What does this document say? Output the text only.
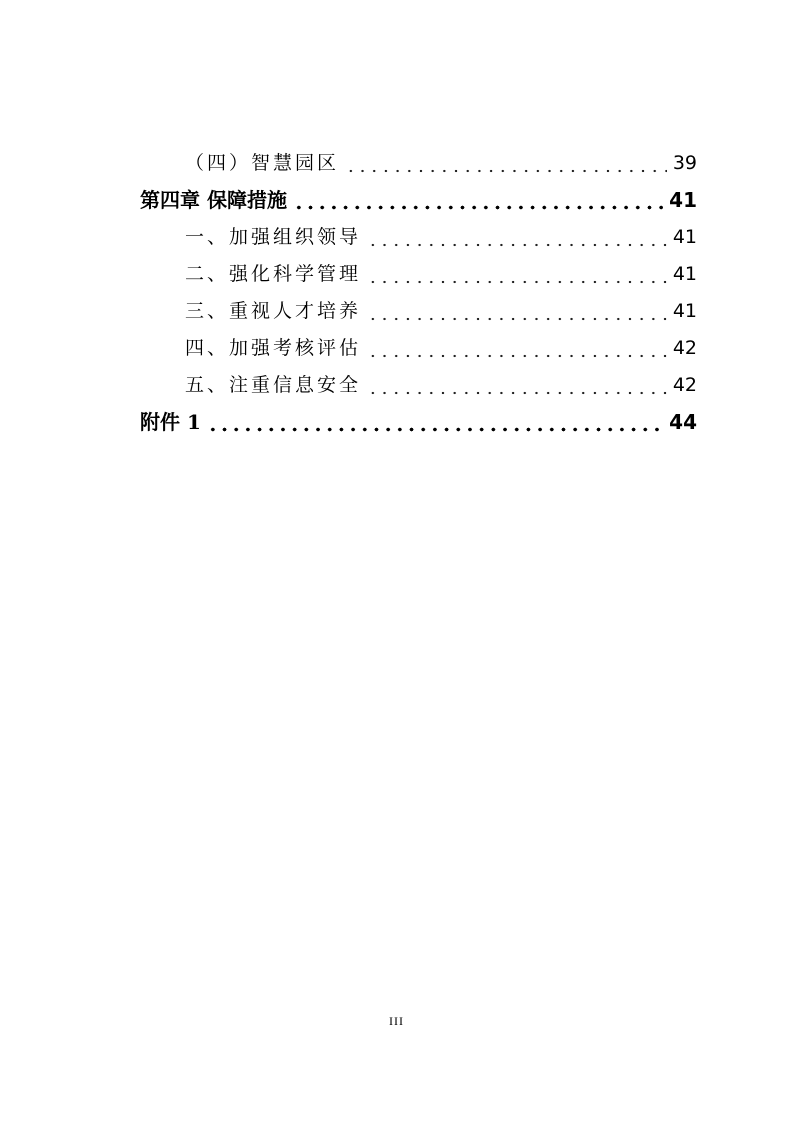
（四）智慧园区	39
第四章 保障措施	41
一、加强组织领导	41
二、强化科学管理	41
三、重视人才培养	41
四、加强考核评估	42
五、注重信息安全	42
附件 1	44
III
